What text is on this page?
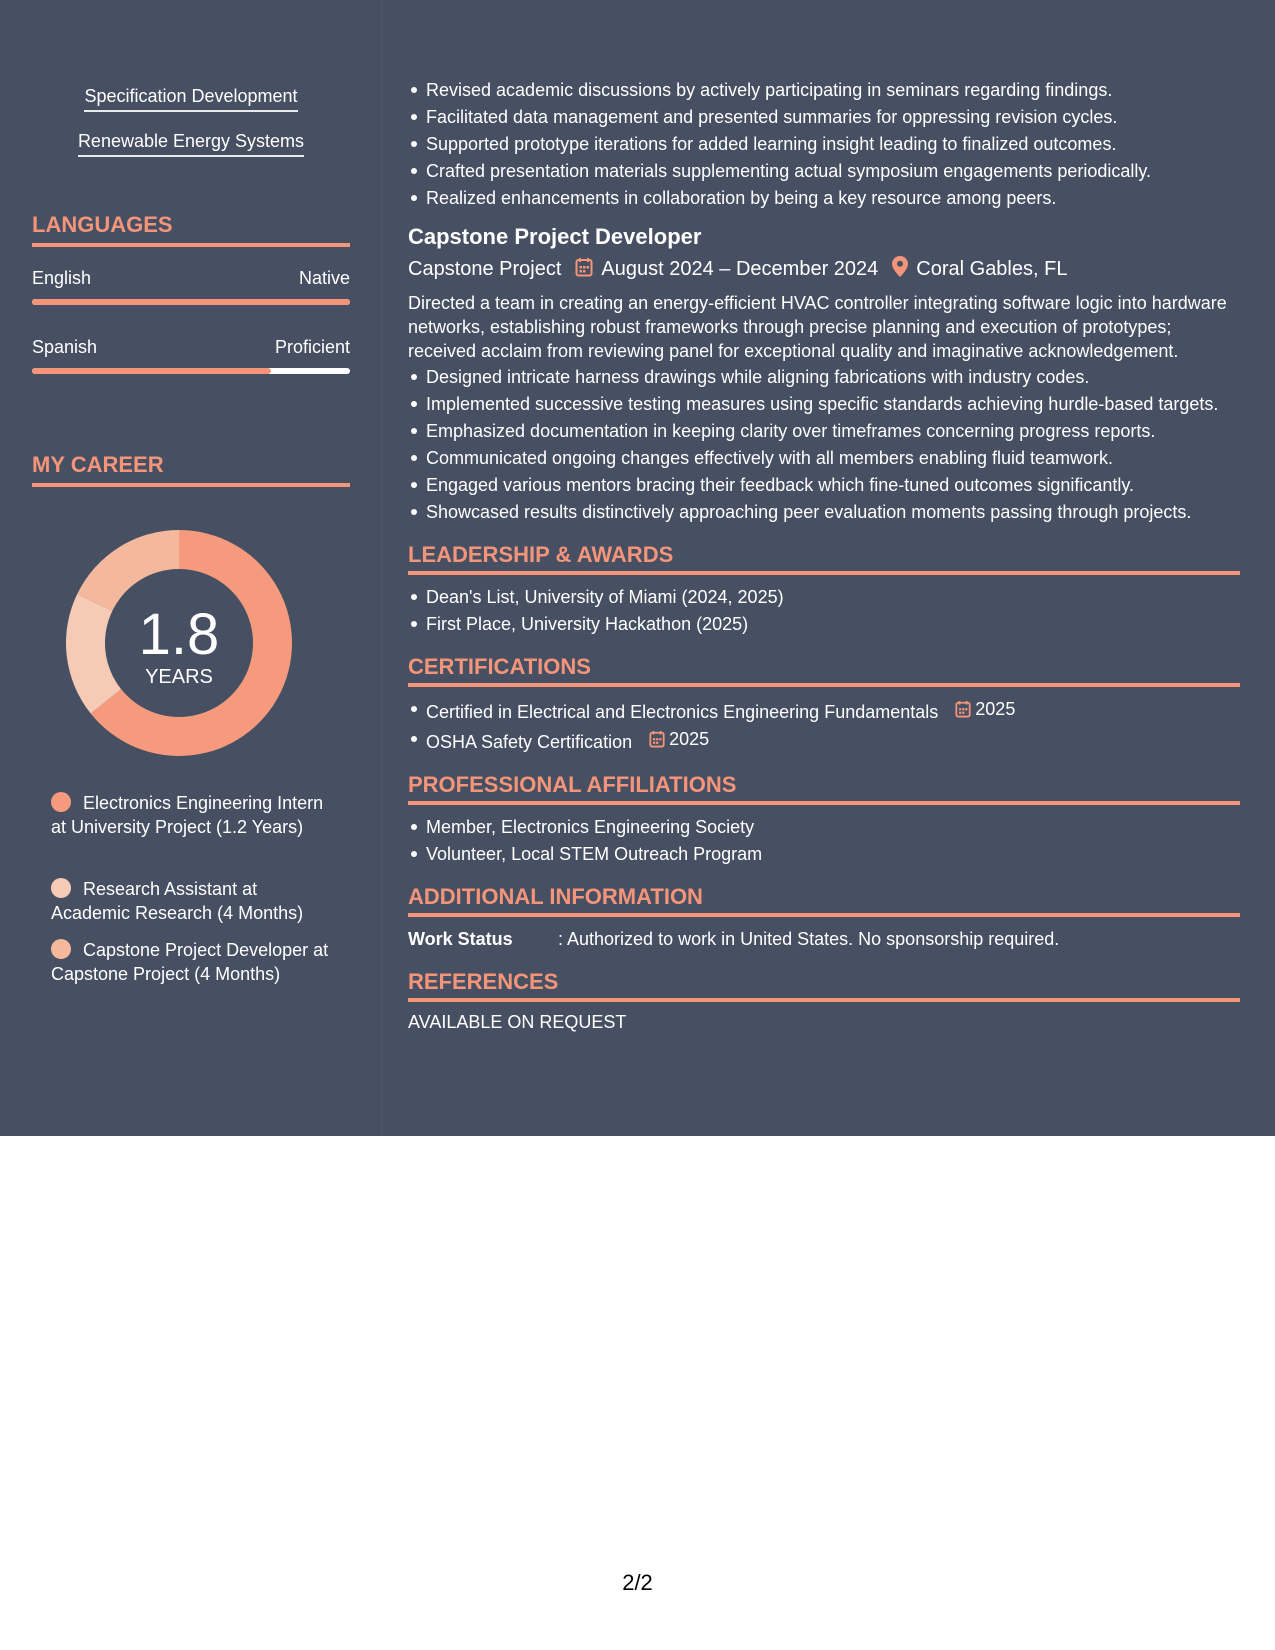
Specification Development
Renewable Energy Systems
LANGUAGES
English	Native
Spanish	Proficient
MY CAREER
1.8
YEARS
Electronics Engineering Intern at University Project (1.2 Years)
Research Assistant at Academic Research (4 Months)
Capstone Project Developer at Capstone Project (4 Months)
Revised academic discussions by actively participating in seminars regarding findings.
Facilitated data management and presented summaries for oppressing revision cycles.
Supported prototype iterations for added learning insight leading to finalized outcomes.
Crafted presentation materials supplementing actual symposium engagements periodically.
Realized enhancements in collaboration by being a key resource among peers.
Capstone Project Developer
Capstone Project August 2024 – December 2024 Coral Gables, FL
Directed a team in creating an energy-efficient HVAC controller integrating software logic into hardware networks, establishing robust frameworks through precise planning and execution of prototypes; received acclaim from reviewing panel for exceptional quality and imaginative acknowledgement.
Designed intricate harness drawings while aligning fabrications with industry codes.
Implemented successive testing measures using specific standards achieving hurdle-based targets.
Emphasized documentation in keeping clarity over timeframes concerning progress reports.
Communicated ongoing changes effectively with all members enabling fluid teamwork.
Engaged various mentors bracing their feedback which fine-tuned outcomes significantly.
Showcased results distinctively approaching peer evaluation moments passing through projects.
LEADERSHIP & AWARDS
Dean's List, University of Miami (2024, 2025)
First Place, University Hackathon (2025)
CERTIFICATIONS
Certified in Electrical and Electronics Engineering Fundamentals 2025
OSHA Safety Certification 2025
PROFESSIONAL AFFILIATIONS
Member, Electronics Engineering Society
Volunteer, Local STEM Outreach Program
ADDITIONAL INFORMATION
Work Status	: Authorized to work in United States. No sponsorship required.
REFERENCES
AVAILABLE ON REQUEST
2/2
